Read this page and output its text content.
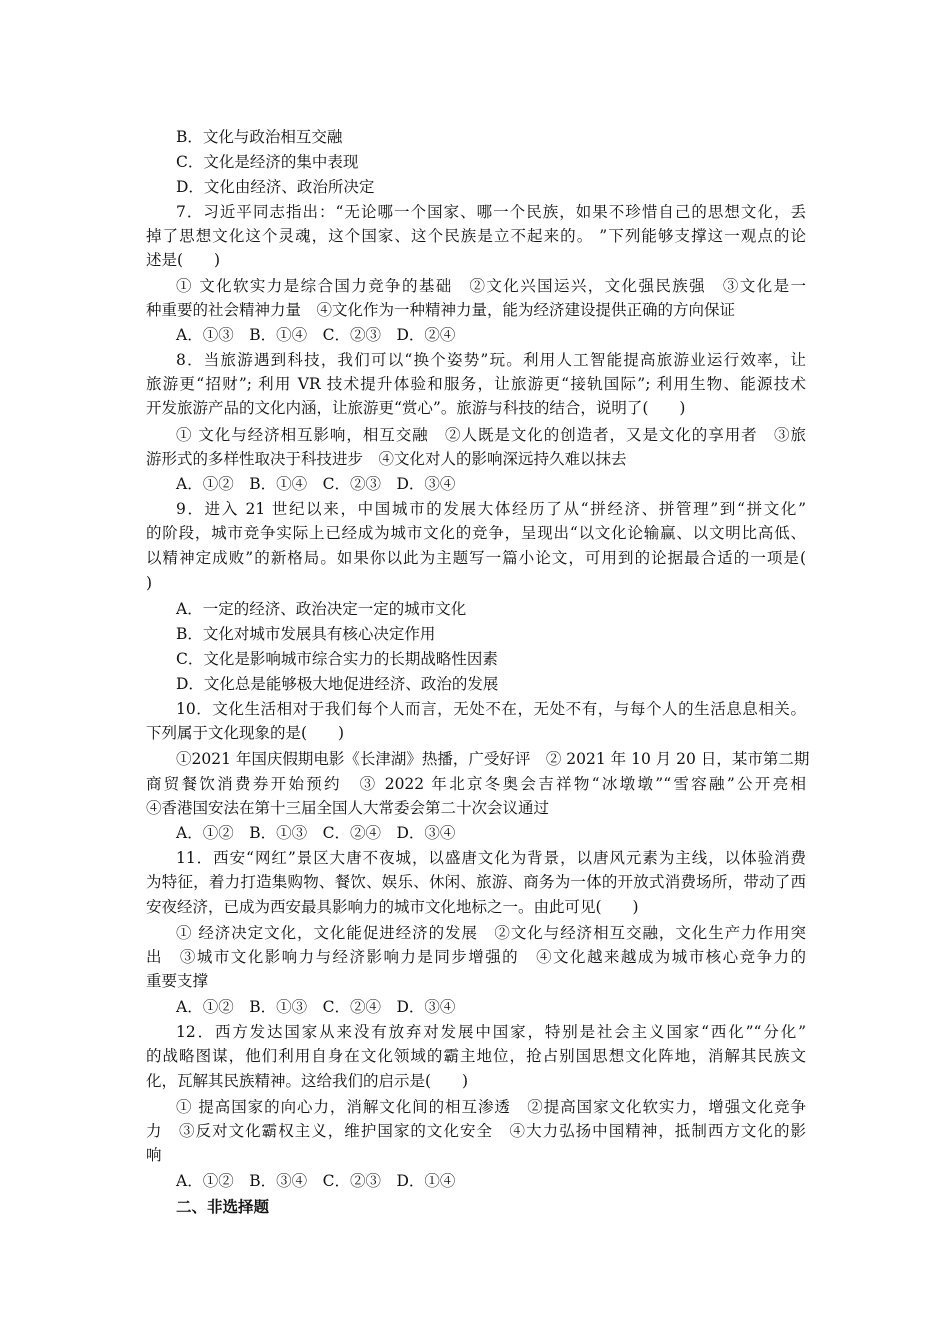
B．文化与政治相互交融
C．文化是经济的集中表现
D．文化由经济、政治所决定
7．习近平同志指出：“无论哪一个国家、哪一个民族，如果不珍惜自己的思想文化，丢
掉了思想文化这个灵魂，这个国家、这个民族是立不起来的。 ”下列能够支撑这一观点的论
述是(　　)
① 文化软实力是综合国力竞争的基础　②文化兴国运兴，文化强民族强　③文化是一
种重要的社会精神力量　④文化作为一种精神力量，能为经济建设提供正确的方向保证
A．①③　B．①④　C．②③　D．②④
8．当旅游遇到科技，我们可以“换个姿势”玩。利用人工智能提高旅游业运行效率，让
旅游更“招财”; 利用 VR 技术提升体验和服务，让旅游更“接轨国际”; 利用生物、能源技术
开发旅游产品的文化内涵，让旅游更“赏心”。旅游与科技的结合，说明了(　　)
① 文化与经济相互影响，相互交融　②人既是文化的创造者，又是文化的享用者　③旅
游形式的多样性取决于科技进步　④文化对人的影响深远持久难以抹去
A．①②　B．①④　C．②③　D．③④
9．进入 21 世纪以来，中国城市的发展大体经历了从“拼经济、拼管理”到“拼文化”
的阶段，城市竞争实际上已经成为城市文化的竞争，呈现出“以文化论输赢、以文明比高低、
以精神定成败”的新格局。如果你以此为主题写一篇小论文，可用到的论据最合适的一项是(
)
A．一定的经济、政治决定一定的城市文化
B．文化对城市发展具有核心决定作用
C．文化是影响城市综合实力的长期战略性因素
D．文化总是能够极大地促进经济、政治的发展
10．文化生活相对于我们每个人而言，无处不在，无处不有，与每个人的生活息息相关。
下列属于文化现象的是(　　)
①2021 年国庆假期电影《长津湖》热播，广受好评　② 2021 年 10 月 20 日，某市第二期
商贸餐饮消费券开始预约　③ 2022 年北京冬奥会吉祥物“冰墩墩”“雪容融”公开亮相
④香港国安法在第十三届全国人大常委会第二十次会议通过
A．①②　B．①③　C．②④　D．③④
11．西安“网红”景区大唐不夜城，以盛唐文化为背景，以唐风元素为主线，以体验消费
为特征，着力打造集购物、餐饮、娱乐、休闲、旅游、商务为一体的开放式消费场所，带动了西
安夜经济，已成为西安最具影响力的城市文化地标之一。由此可见(　　)
① 经济决定文化，文化能促进经济的发展　②文化与经济相互交融，文化生产力作用突
出　③城市文化影响力与经济影响力是同步增强的　④文化越来越成为城市核心竞争力的
重要支撑
A．①②　B．①③　C．②④　D．③④
12．西方发达国家从来没有放弃对发展中国家，特别是社会主义国家“西化”“分化”
的战略图谋，他们利用自身在文化领域的霸主地位，抢占别国思想文化阵地，消解其民族文
化，瓦解其民族精神。这给我们的启示是(　　)
① 提高国家的向心力，消解文化间的相互渗透　②提高国家文化软实力，增强文化竞争
力　③反对文化霸权主义，维护国家的文化安全　④大力弘扬中国精神，抵制西方文化的影
响
A．①②　B．③④　C．②③　D．①④
二、非选择题
